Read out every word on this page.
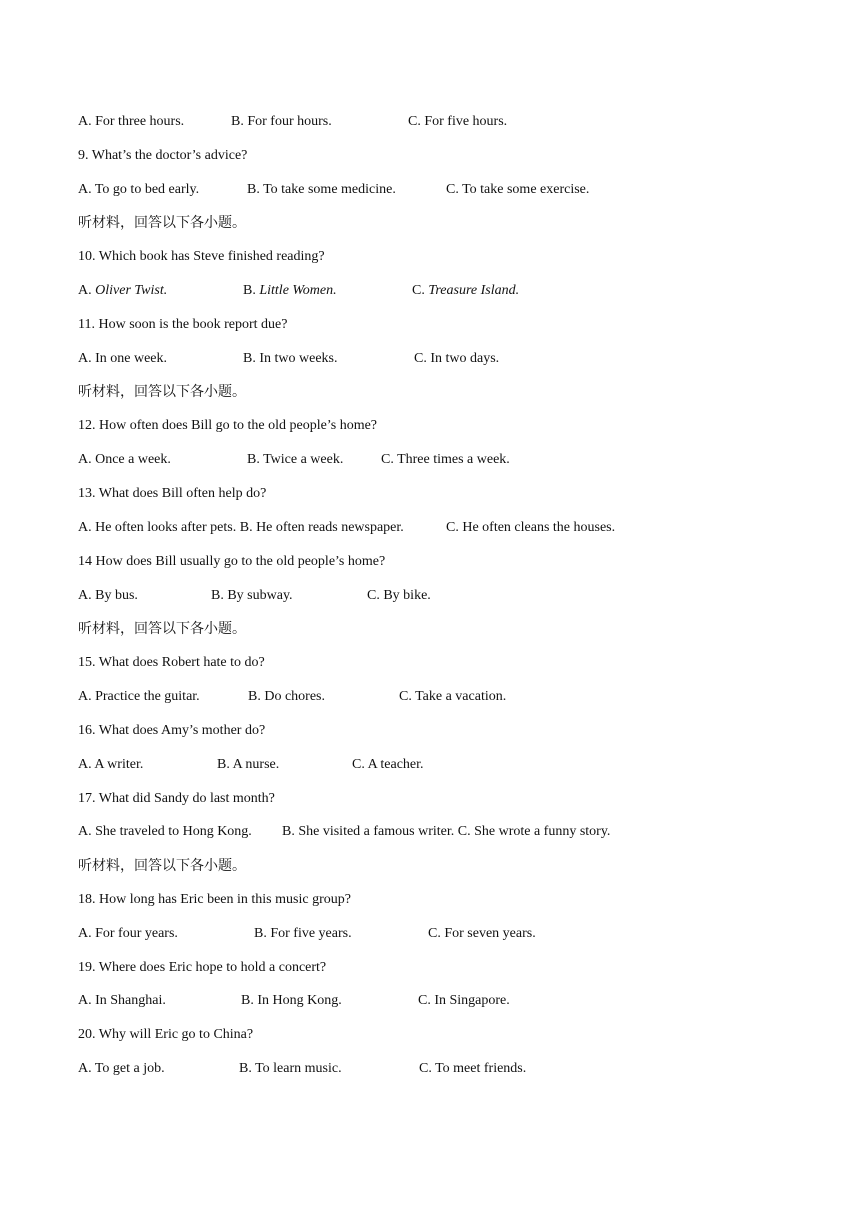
A. For three hours.	B. For four hours.	C. For five hours.
9. What’s the doctor’s advice?
A. To go to bed early.	B. To take some medicine.	C. To take some exercise.
听材料，回答以下各小题。
10. Which book has Steve finished reading?
A. Oliver Twist.	B. Little Women.	C. Treasure Island.
11. How soon is the book report due?
A. In one week.	B. In two weeks.	C. In two days.
听材料，回答以下各小题。
12. How often does Bill go to the old people’s home?
A. Once a week.	B. Twice a week.	C. Three times a week.
13. What does Bill often help do?
A. He often looks after pets. B. He often reads newspaper.	C. He often cleans the houses.
14 How does Bill usually go to the old people’s home?
A. By bus.	B. By subway.	C. By bike.
听材料，回答以下各小题。
15. What does Robert hate to do?
A. Practice the guitar.	B. Do chores.	C. Take a vacation.
16. What does Amy’s mother do?
A. A writer.	B. A nurse.	C. A teacher.
17. What did Sandy do last month?
A. She traveled to Hong Kong. B. She visited a famous writer. C. She wrote a funny story.
听材料，回答以下各小题。
18. How long has Eric been in this music group?
A. For four years.	B. For five years.	C. For seven years.
19. Where does Eric hope to hold a concert?
A. In Shanghai.	B. In Hong Kong.	C. In Singapore.
20. Why will Eric go to China?
A. To get a job.	B. To learn music.	C. To meet friends.
